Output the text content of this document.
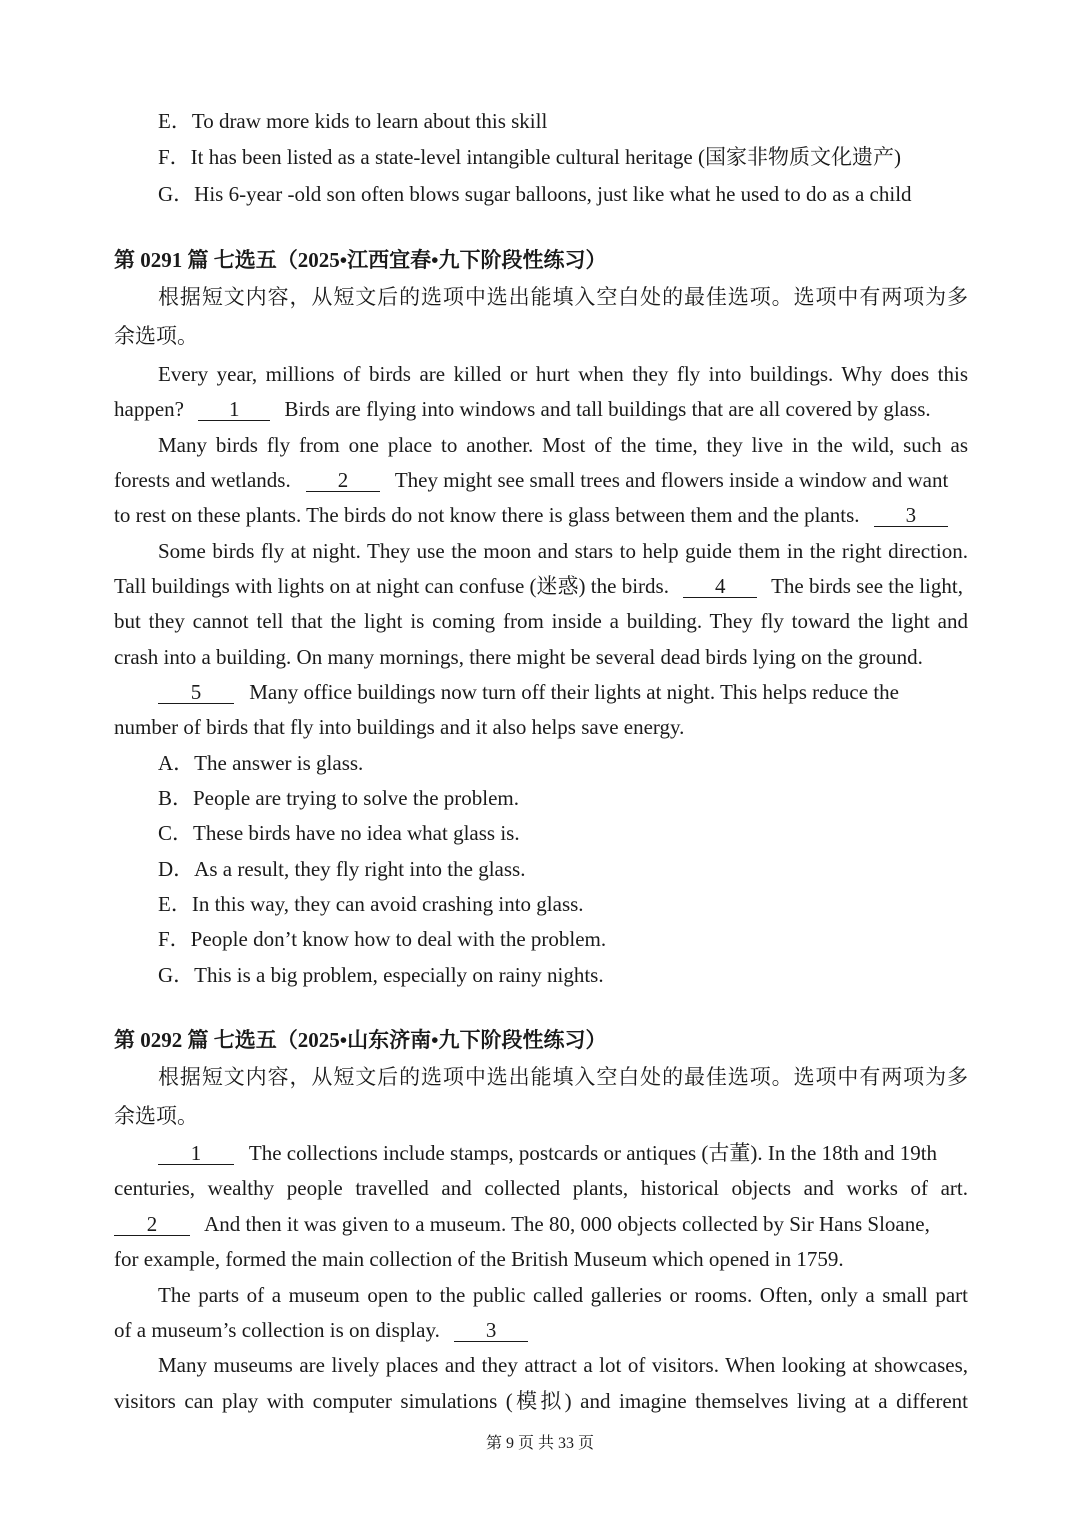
E．To draw more kids to learn about this skill
F．It has been listed as a state-level intangible cultural heritage (国家非物质文化遗产)
G．His 6-year -old son often blows sugar balloons, just like what he used to do as a child
第 0291 篇 七选五（2025•江西宜春•九下阶段性练习）
根据短文内容，从短文后的选项中选出能填入空白处的最佳选项。选项中有两项为多
余选项。
Every year, millions of birds are killed or hurt when they fly into buildings. Why does this
happen? 1 Birds are flying into windows and tall buildings that are all covered by glass.
Many birds fly from one place to another. Most of the time, they live in the wild, such as
forests and wetlands. 2 They might see small trees and flowers inside a window and want
to rest on these plants. The birds do not know there is glass between them and the plants. 3
Some birds fly at night. They use the moon and stars to help guide them in the right direction.
Tall buildings with lights on at night can confuse (迷惑) the birds. 4 The birds see the light,
but they cannot tell that the light is coming from inside a building. They fly toward the light and
crash into a building. On many mornings, there might be several dead birds lying on the ground.
5 Many office buildings now turn off their lights at night. This helps reduce the
number of birds that fly into buildings and it also helps save energy.
A．The answer is glass.
B．People are trying to solve the problem.
C．These birds have no idea what glass is.
D．As a result, they fly right into the glass.
E．In this way, they can avoid crashing into glass.
F．People don’t know how to deal with the problem.
G．This is a big problem, especially on rainy nights.
第 0292 篇 七选五（2025•山东济南•九下阶段性练习）
根据短文内容，从短文后的选项中选出能填入空白处的最佳选项。选项中有两项为多
余选项。
1 The collections include stamps, postcards or antiques (古董). In the 18th and 19th
centuries, wealthy people travelled and collected plants, historical objects and works of art.
2 And then it was given to a museum. The 80, 000 objects collected by Sir Hans Sloane,
for example, formed the main collection of the British Museum which opened in 1759.
The parts of a museum open to the public called galleries or rooms. Often, only a small part
of a museum’s collection is on display. 3
Many museums are lively places and they attract a lot of visitors. When looking at showcases,
visitors can play with computer simulations (模拟) and imagine themselves living at a different
第 9 页 共 33 页
